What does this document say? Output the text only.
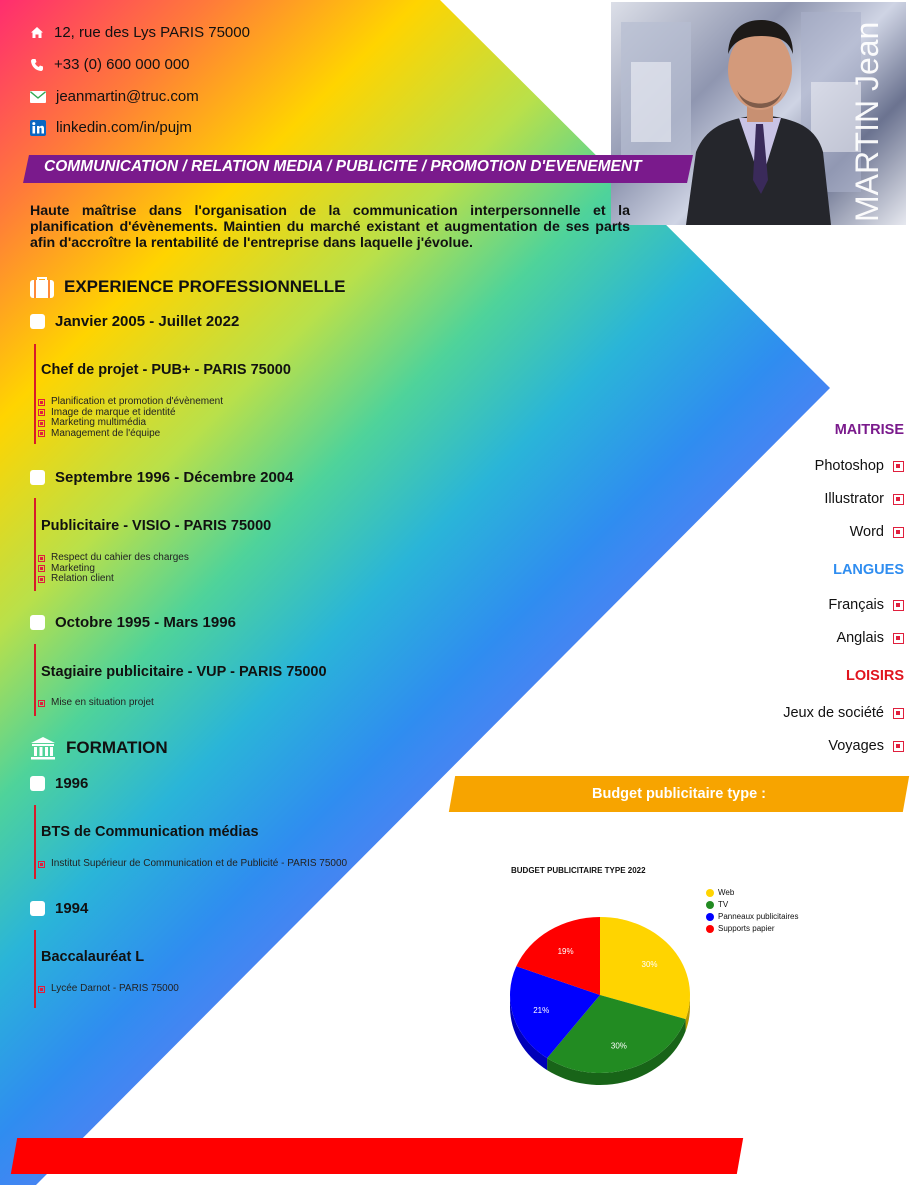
12, rue des Lys PARIS 75000
+33 (0) 600 000 000
jeanmartin@truc.com
linkedin.com/in/pujm	MARTIN Jean
COMMUNICATION / RELATION MEDIA / PUBLICITE / PROMOTION D'EVENEMENT
Haute maîtrise dans l'organisation de la communication interpersonnelle et la planification d'évènements. Maintien du marché existant et augmentation de ses parts afin d'accroître la rentabilité de l'entreprise dans laquelle j'évolue.
EXPERIENCE PROFESSIONNELLE
Janvier 2005 - Juillet 2022
Chef de projet - PUB+ - PARIS 75000
Planification et promotion d'évènement
Image de marque et identité
Marketing multimédia
Management de l'équipe
Septembre 1996 - Décembre 2004
Publicitaire - VISIO - PARIS 75000
Respect du cahier des charges
Marketing
Relation client
Octobre 1995 - Mars 1996
Stagiaire publicitaire - VUP - PARIS 75000
Mise en situation projet
FORMATION
1996
BTS de Communication médias
Institut Supérieur de Communication et de Publicité - PARIS 75000
1994
Baccalauréat L
Lycée Darnot - PARIS 75000
MAITRISE
Photoshop
Illustrator
Word
LANGUES
Français
Anglais
LOISIRS
Jeux de société
Voyages
Budget publicitaire type :
BUDGET PUBLICITAIRE TYPE 2022
30%
30%
21%
19%
Web
TV
Panneaux publicitaires
Supports papier
